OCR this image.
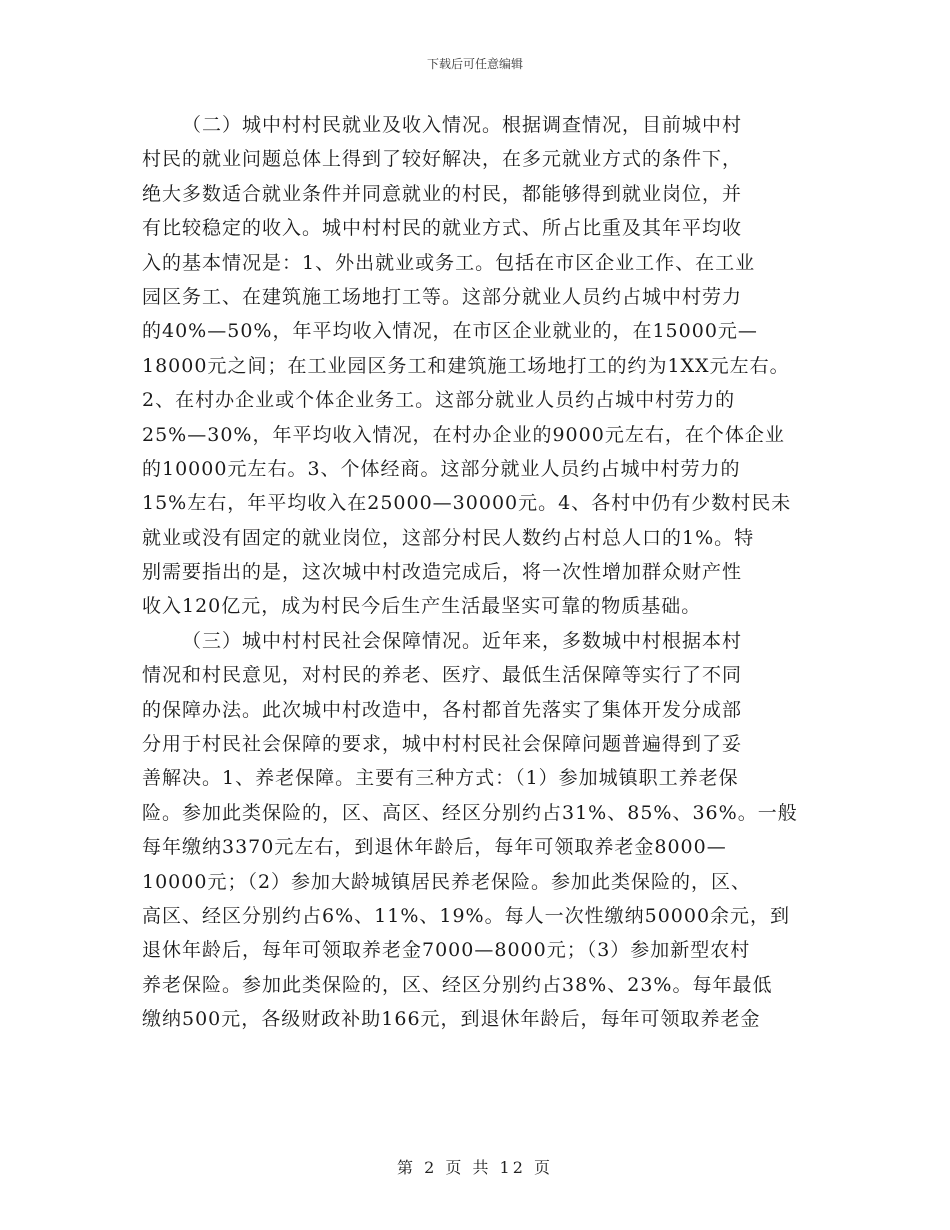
下载后可任意编辑
（二）城中村村民就业及收入情况。根据调查情况，目前城中村
村民的就业问题总体上得到了较好解决，在多元就业方式的条件下，
绝大多数适合就业条件并同意就业的村民，都能够得到就业岗位，并
有比较稳定的收入。城中村村民的就业方式、所占比重及其年平均收
入的基本情况是：1、外出就业或务工。包括在市区企业工作、在工业
园区务工、在建筑施工场地打工等。这部分就业人员约占城中村劳力
的40%—50%，年平均收入情况，在市区企业就业的，在15000元—
18000元之间；在工业园区务工和建筑施工场地打工的约为1XX元左右。
2、在村办企业或个体企业务工。这部分就业人员约占城中村劳力的
25%—30%，年平均收入情况，在村办企业的9000元左右，在个体企业
的10000元左右。3、个体经商。这部分就业人员约占城中村劳力的
15%左右，年平均收入在25000—30000元。4、各村中仍有少数村民未
就业或没有固定的就业岗位，这部分村民人数约占村总人口的1%。特
别需要指出的是，这次城中村改造完成后，将一次性增加群众财产性
收入120亿元，成为村民今后生产生活最坚实可靠的物质基础。
（三）城中村村民社会保障情况。近年来，多数城中村根据本村
情况和村民意见，对村民的养老、医疗、最低生活保障等实行了不同
的保障办法。此次城中村改造中，各村都首先落实了集体开发分成部
分用于村民社会保障的要求，城中村村民社会保障问题普遍得到了妥
善解决。1、养老保障。主要有三种方式：（1）参加城镇职工养老保
险。参加此类保险的，区、高区、经区分别约占31%、85%、36%。一般
每年缴纳3370元左右，到退休年龄后，每年可领取养老金8000—
10000元；（2）参加大龄城镇居民养老保险。参加此类保险的，区、
高区、经区分别约占6%、11%、19%。每人一次性缴纳50000余元，到
退休年龄后，每年可领取养老金7000—8000元；（3）参加新型农村
养老保险。参加此类保险的，区、经区分别约占38%、23%。每年最低
缴纳500元，各级财政补助166元，到退休年龄后，每年可领取养老金
第 2 页 共 12 页
